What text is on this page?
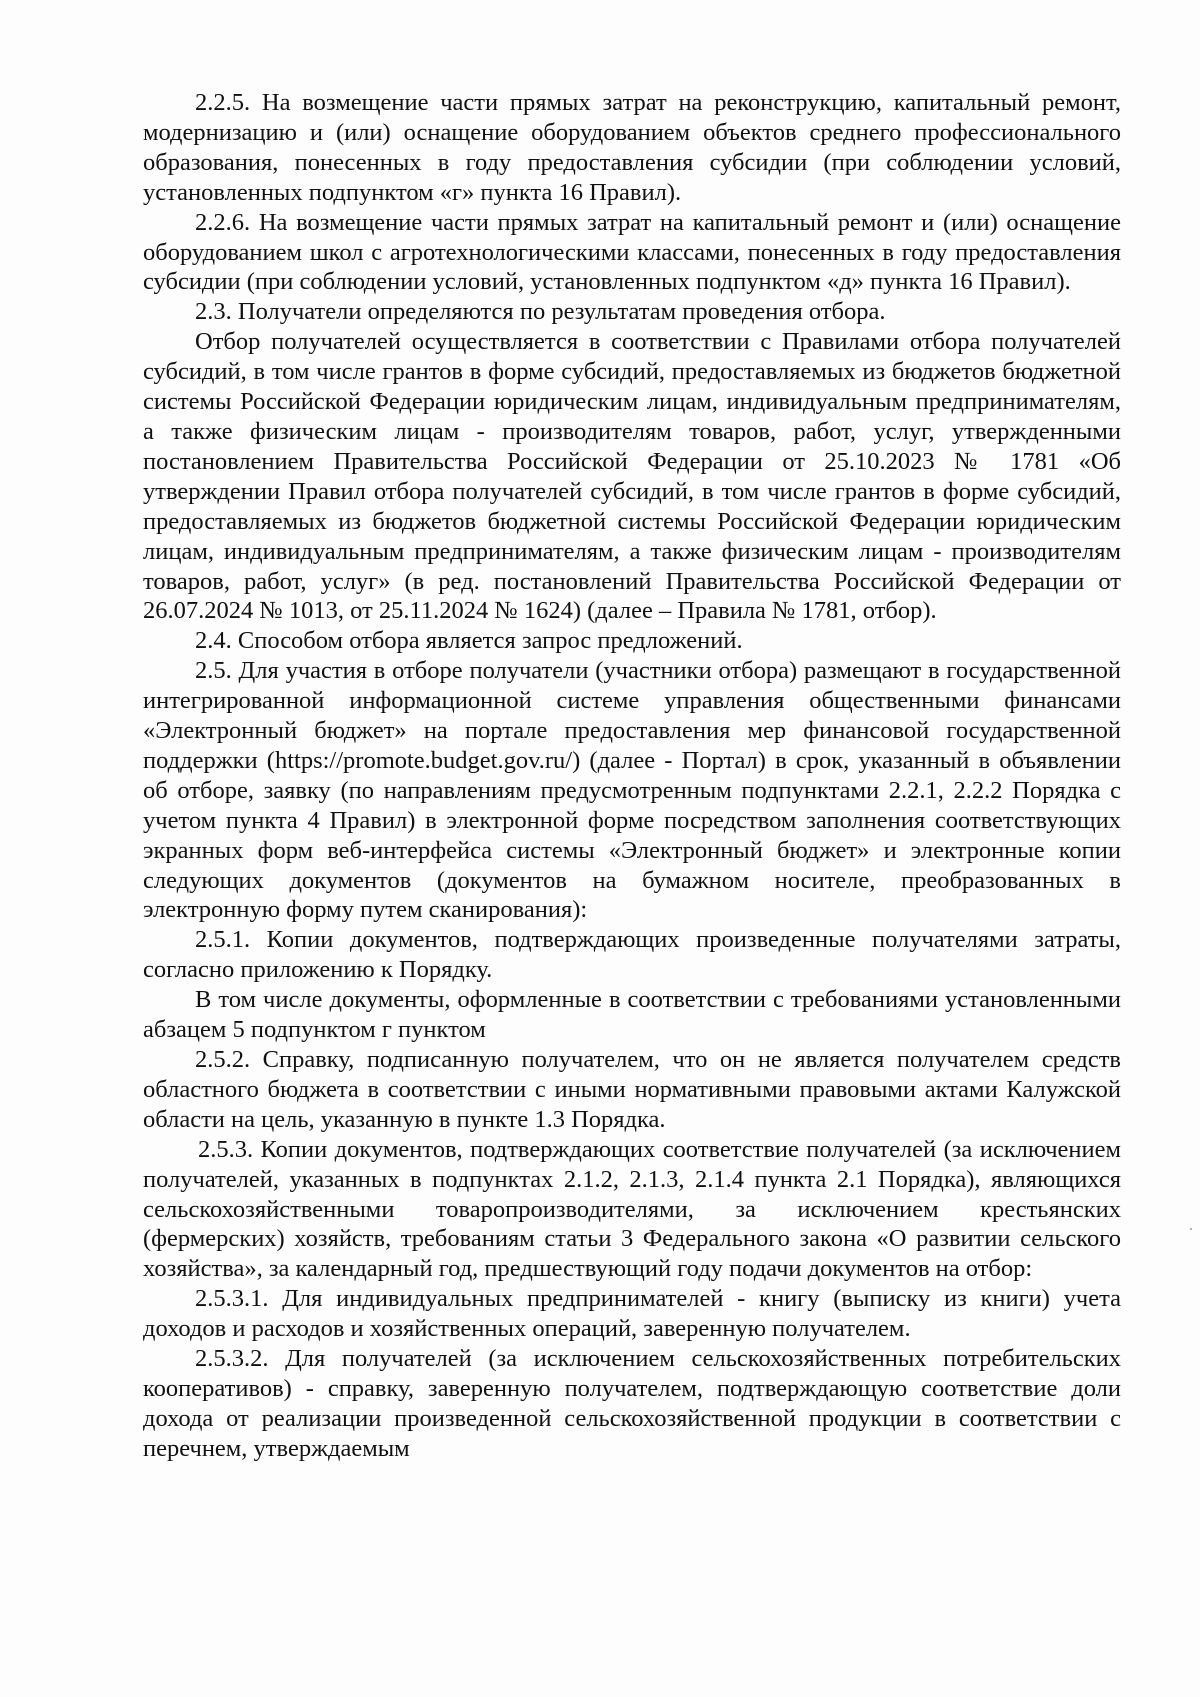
2.2.5. На возмещение части прямых затрат на реконструкцию, капитальный ремонт, модернизацию и (или) оснащение оборудованием объектов среднего профессионального образования, понесенных в году предоставления субсидии (при соблюдении условий, установленных подпунктом «г» пункта 16 Правил).

2.2.6. На возмещение части прямых затрат на капитальный ремонт и (или) оснащение оборудованием школ с агротехнологическими классами, понесенных в году предоставления субсидии (при соблюдении условий, установленных подпунктом «д» пункта 16 Правил).

2.3. Получатели определяются по результатам проведения отбора.

Отбор получателей осуществляется в соответствии с Правилами отбора получателей субсидий, в том числе грантов в форме субсидий, предоставляемых из бюджетов бюджетной системы Российской Федерации юридическим лицам, индивидуальным предпринимателям, а также физическим лицам - производителям товаров, работ, услуг, утвержденными постановлением Правительства Российской Федерации от 25.10.2023 № 1781 «Об утверждении Правил отбора получателей субсидий, в том числе грантов в форме субсидий, предоставляемых из бюджетов бюджетной системы Российской Федерации юридическим лицам, индивидуальным предпринимателям, а также физическим лицам - производителям товаров, работ, услуг» (в ред. постановлений Правительства Российской Федерации от 26.07.2024 № 1013, от 25.11.2024 № 1624) (далее – Правила № 1781, отбор).

2.4. Способом отбора является запрос предложений.

2.5. Для участия в отборе получатели (участники отбора) размещают в государственной интегрированной информационной системе управления общественными финансами «Электронный бюджет» на портале предоставления мер финансовой государственной поддержки (https://promote.budget.gov.ru/) (далее - Портал) в срок, указанный в объявлении об отборе, заявку (по направлениям предусмотренным подпунктами 2.2.1, 2.2.2 Порядка с учетом пункта 4 Правил) в электронной форме посредством заполнения соответствующих экранных форм веб-интерфейса системы «Электронный бюджет» и электронные копии следующих документов (документов на бумажном носителе, преобразованных в электронную форму путем сканирования):

2.5.1. Копии документов, подтверждающих произведенные получателями затраты, согласно приложению к Порядку.

В том числе документы, оформленные в соответствии с требованиями установленными абзацем 5 подпунктом г пунктом

2.5.2. Справку, подписанную получателем, что он не является получателем средств областного бюджета в соответствии с иными нормативными правовыми актами Калужской области на цель, указанную в пункте 1.3 Порядка.

2.5.3. Копии документов, подтверждающих соответствие получателей (за исключением получателей, указанных в подпунктах 2.1.2, 2.1.3, 2.1.4 пункта 2.1 Порядка), являющихся сельскохозяйственными товаропроизводителями, за исключением крестьянских (фермерских) хозяйств, требованиям статьи 3 Федерального закона «О развитии сельского хозяйства», за календарный год, предшествующий году подачи документов на отбор:

2.5.3.1. Для индивидуальных предпринимателей - книгу (выписку из книги) учета доходов и расходов и хозяйственных операций, заверенную получателем.

2.5.3.2. Для получателей (за исключением сельскохозяйственных потребительских кооперативов) - справку, заверенную получателем, подтверждающую соответствие доли дохода от реализации произведенной сельскохозяйственной продукции в соответствии с перечнем, утверждаемым
